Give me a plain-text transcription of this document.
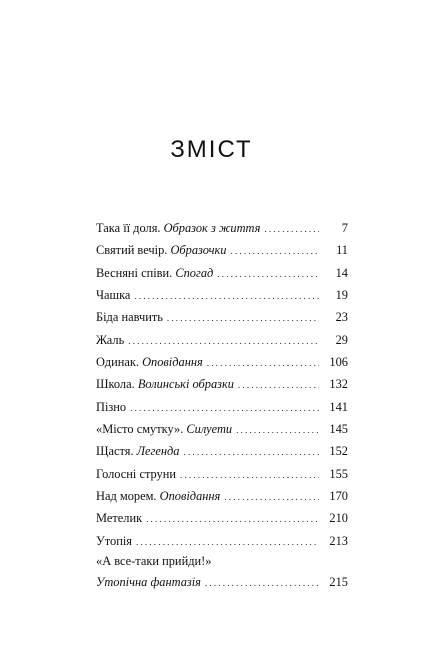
ЗМІСТ
Така її доля. Образок з життя .....	7
Святий вечір. Образочки .....	11
Весняні співи. Спогад .....	14
Чашка .....	19
Біда навчить .....	23
Жаль .....	29
Одинак. Оповідання .....	106
Школа. Волинські образки .....	132
Пізно .....	141
«Місто смутку». Силуети .....	145
Щастя. Легенда .....	152
Голосні струни .....	155
Над морем. Оповідання .....	170
Метелик .....	210
Утопія .....	213
«А все-таки прийди!»
Утопічна фантазія .....	215
